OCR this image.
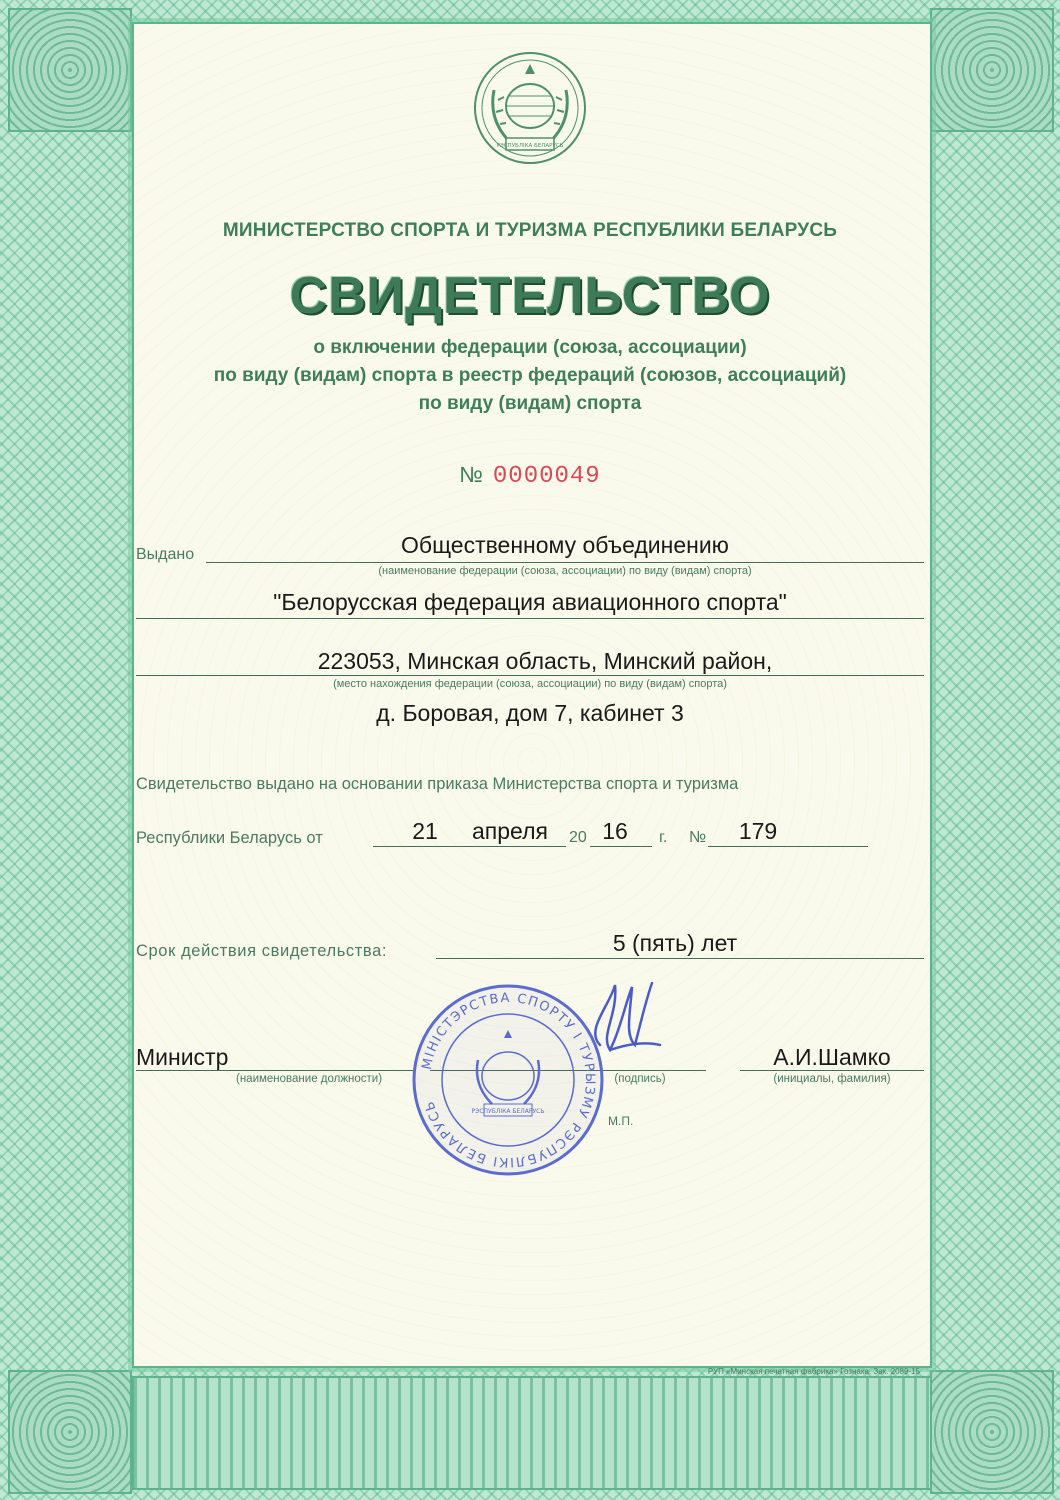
РЭСПУБЛІКА БЕЛАРУСЬ
МИНИСТЕРСТВО СПОРТА И ТУРИЗМА РЕСПУБЛИКИ БЕЛАРУСЬ
СВИДЕТЕЛЬСТВО
о включении федерации (союза, ассоциации)
по виду (видам) спорта в реестр федераций (союзов, ассоциаций)
по виду (видам) спорта
№ 0000049
Выдано	Общественному объединению
(наименование федерации (союза, ассоциации) по виду (видам) спорта)
"Белорусская федерация авиационного спорта"
223053, Минская область, Минский район,
(место нахождения федерации (союза, ассоциации) по виду (видам) спорта)
д. Боровая, дом 7, кабинет 3
Свидетельство выдано на основании приказа Министерства спорта и туризма
Республики Беларусь от	21	апреля	20 16	г. №	179
Срок действия свидетельства:	5 (пять) лет
Министр
(наименование должности)	(подпись)
А.И.Шамко
(инициалы, фамилия)
М.П.
МІНІСТЭРСТВА СПОРТУ І ТУРЫЗМУ РЭСПУБЛІКІ БЕЛАРУСЬ	РЭСПУБЛІКА БЕЛАРУСЬ
РУП «Минская печатная фабрика» Гознака. Зак. 2089-15
